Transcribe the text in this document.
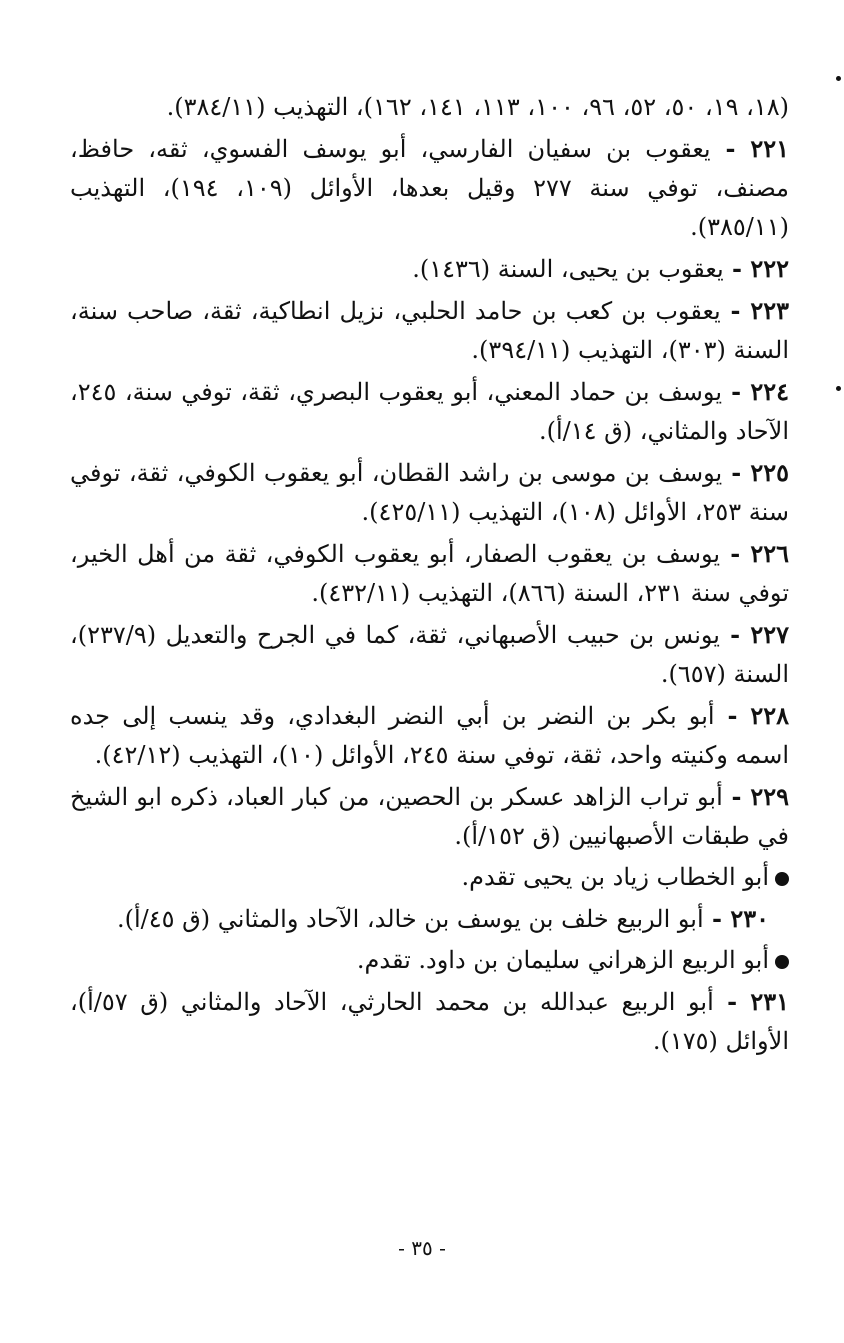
(١٨، ١٩، ٥٠، ٥٢، ٩٦، ١٠٠، ١١٣، ١٤١، ١٦٢)، التهذيب (٣٨٤/١١).

٢٢١ - يعقوب بن سفيان الفارسي، أبو يوسف الفسوي، ثقه، حافظ، مصنف، توفي سنة ٢٧٧ وقيل بعدها، الأوائل (١٠٩، ١٩٤)، التهذيب (٣٨٥/١١).

٢٢٢ - يعقوب بن يحيى، السنة (١٤٣٦).

٢٢٣ - يعقوب بن كعب بن حامد الحلبي، نزيل انطاكية، ثقة، صاحب سنة، السنة (٣٠٣)، التهذيب (٣٩٤/١١).

٢٢٤ - يوسف بن حماد المعني، أبو يعقوب البصري، ثقة، توفي سنة، ٢٤٥، الآحاد والمثاني، (ق ١٤/أ).

٢٢٥ - يوسف بن موسى بن راشد القطان، أبو يعقوب الكوفي، ثقة، توفي سنة ٢٥٣، الأوائل (١٠٨)، التهذيب (٤٢٥/١١).

٢٢٦ - يوسف بن يعقوب الصفار، أبو يعقوب الكوفي، ثقة من أهل الخير، توفي سنة ٢٣١، السنة (٨٦٦)، التهذيب (٤٣٢/١١).

٢٢٧ - يونس بن حبيب الأصبهاني، ثقة، كما في الجرح والتعديل (٢٣٧/٩)، السنة (٦٥٧).

٢٢٨ - أبو بكر بن النضر بن أبي النضر البغدادي، وقد ينسب إلى جده اسمه وكنيته واحد، ثقة، توفي سنة ٢٤٥، الأوائل (١٠)، التهذيب (٤٢/١٢).

٢٢٩ - أبو تراب الزاهد عسكر بن الحصين، من كبار العباد، ذكره ابو الشيخ في طبقات الأصبهانيين (ق ١٥٢/أ).

أبو الخطاب زياد بن يحيى تقدم.

٢٣٠ - أبو الربيع خلف بن يوسف بن خالد، الآحاد والمثاني (ق ٤٥/أ).

أبو الربيع الزهراني سليمان بن داود. تقدم.

٢٣١ - أبو الربيع عبدالله بن محمد الحارثي، الآحاد والمثاني (ق ٥٧/أ)، الأوائل (١٧٥).

- ٣٥ -
